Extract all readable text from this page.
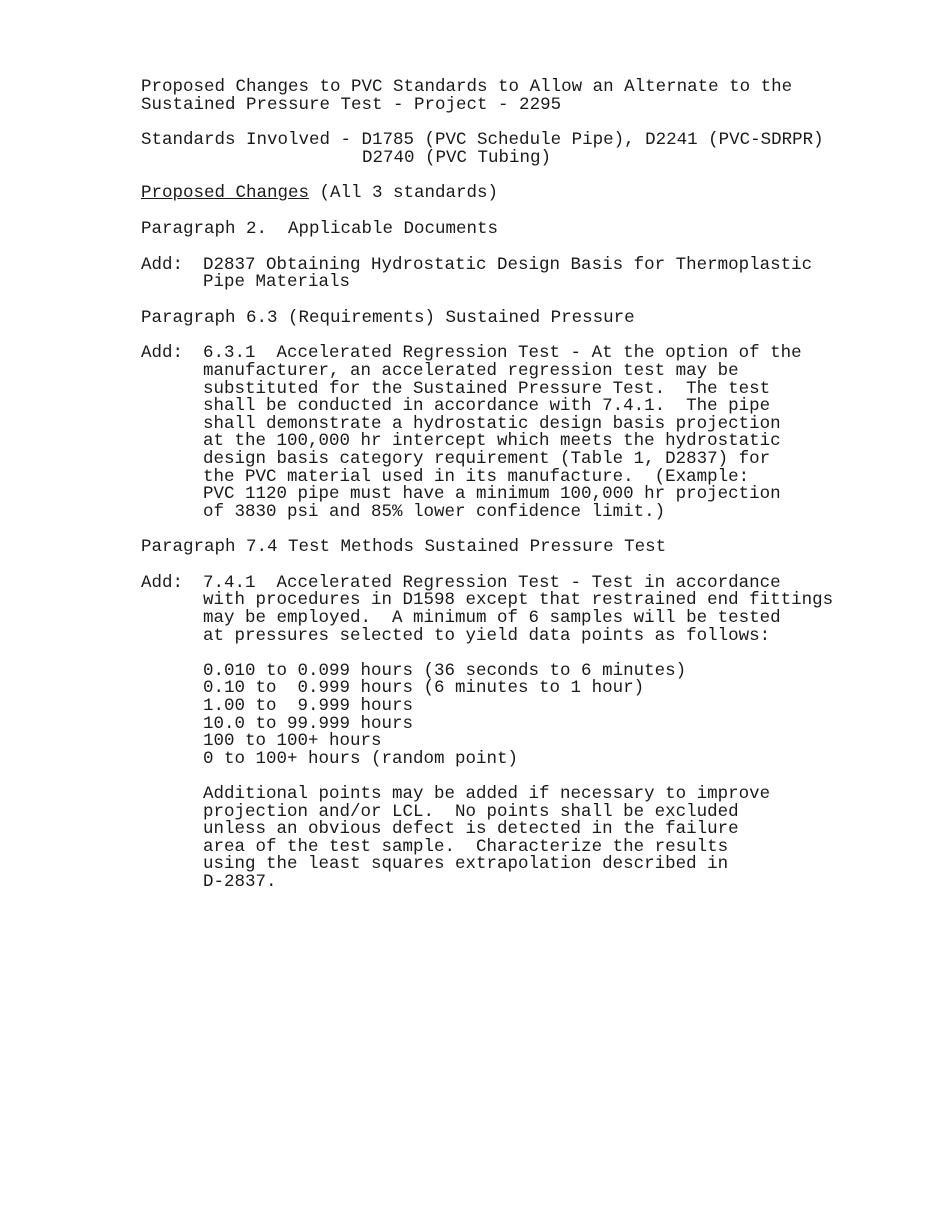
Proposed Changes to PVC Standards to Allow an Alternate to the
Sustained Pressure Test - Project - 2295
Standards Involved - D1785 (PVC Schedule Pipe), D2241 (PVC-SDRPR)
D2740 (PVC Tubing)
Proposed Changes (All 3 standards)
Paragraph 2.  Applicable Documents
Add:	D2837 Obtaining Hydrostatic Design Basis for Thermoplastic
Pipe Materials
Paragraph 6.3 (Requirements) Sustained Pressure
Add:	6.3.1  Accelerated Regression Test - At the option of the
manufacturer, an accelerated regression test may be
substituted for the Sustained Pressure Test.  The test
shall be conducted in accordance with 7.4.1.  The pipe
shall demonstrate a hydrostatic design basis projection
at the 100,000 hr intercept which meets the hydrostatic
design basis category requirement (Table 1, D2837) for
the PVC material used in its manufacture.  (Example:
PVC 1120 pipe must have a minimum 100,000 hr projection
of 3830 psi and 85% lower confidence limit.)
Paragraph 7.4 Test Methods Sustained Pressure Test
Add:	7.4.1  Accelerated Regression Test - Test in accordance
with procedures in D1598 except that restrained end fittings
may be employed.  A minimum of 6 samples will be tested
at pressures selected to yield data points as follows:
0.010 to 0.099 hours (36 seconds to 6 minutes)
0.10 to  0.999 hours (6 minutes to 1 hour)
1.00 to  9.999 hours
10.0 to 99.999 hours
100 to 100+ hours
0 to 100+ hours (random point)
Additional points may be added if necessary to improve
projection and/or LCL.  No points shall be excluded
unless an obvious defect is detected in the failure
area of the test sample.  Characterize the results
using the least squares extrapolation described in
D-2837.
